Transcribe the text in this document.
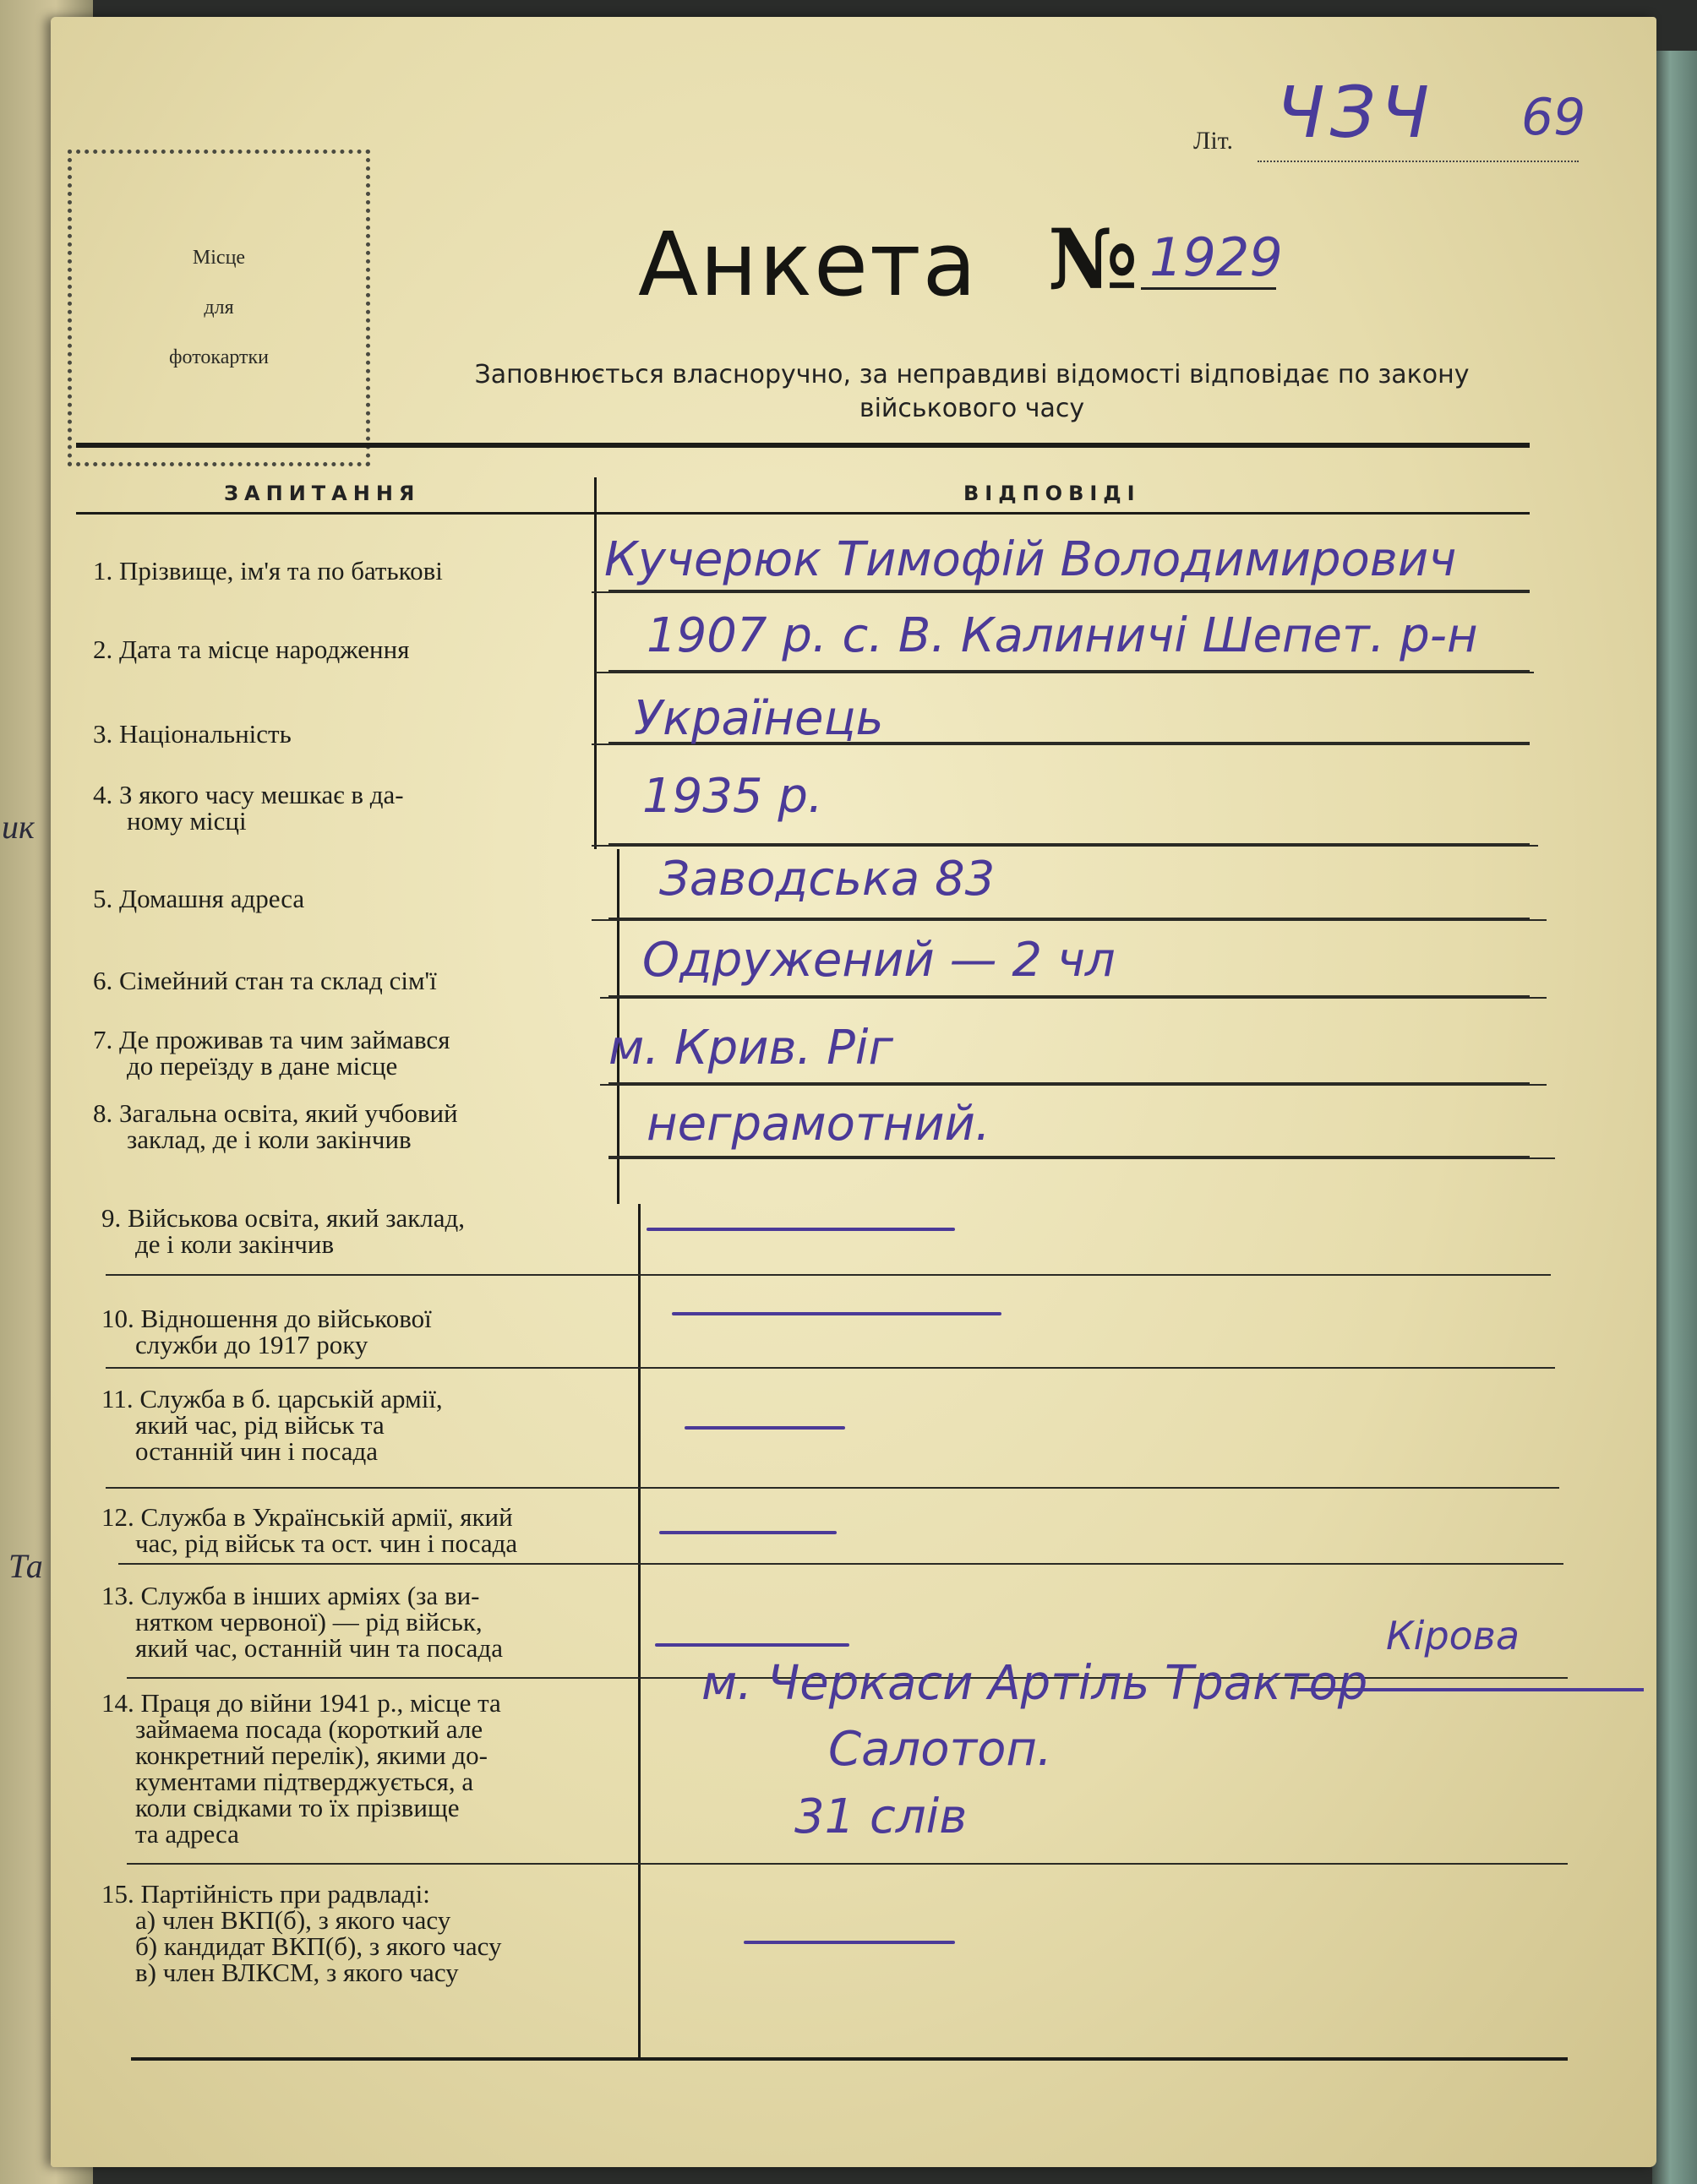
ик
Та
Місце
для
фотокартки
Літ. ЧЗЧ 69
Анкета № 1929
Заповнюється власноручно, за неправдиві відомості відповідає по закону
військового часу
ЗАПИТАННЯ	ВІДПОВІДІ
1. Прізвище, ім'я та по батькові
2. Дата та місце народження
3. Національність
4. З якого часу мешкає в да-
ному місці
5. Домашня адреса
6. Сімейний стан та склад сім'ї
7. Де проживав та чим займався
до переїзду в дане місце
8. Загальна освіта, який учбовий
заклад, де і коли закінчив
9. Військова освіта, який заклад,
де і коли закінчив
10. Відношення до військової
служби до 1917 року
11. Служба в б. царській армії,
який час, рід військ та
останній чин і посада
12. Служба в Українській армії, який
час, рід військ та ост. чин і посада
13. Служба в інших арміях (за ви-
нятком червоної) — рід військ,
який час, останній чин та посада
14. Праця до війни 1941 р., місце та
займаема посада (короткий але
конкретний перелік), якими до-
кументами підтверджується, а
коли свідками то їх прізвище
та адреса
15. Партійність при радвладі:
а) член ВКП(б), з якого часу
б) кандидат ВКП(б), з якого часу
в) член ВЛКСМ, з якого часу
Кучерюк Тимофій Володимирович
1907 р. с. В. Калиничі Шепет. р-н
Українець
1935 р.
Заводська 83
Одружений — 2 чл
м. Крив. Ріг
неграмотний.
м. Черкаси Артіль Трактор
Кірова
Салотоп.
31 слів
